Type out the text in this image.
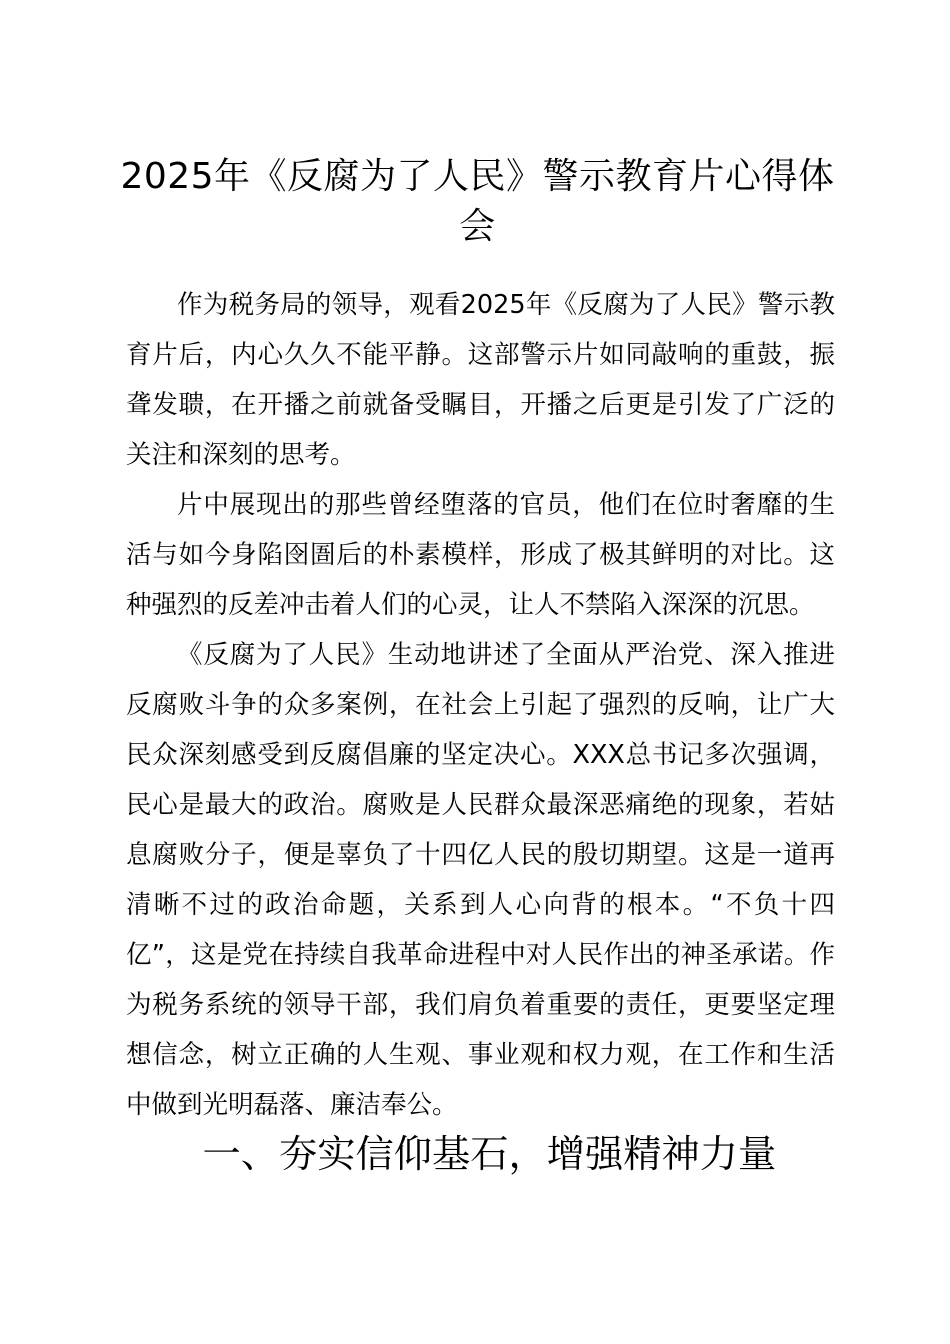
2025年《反腐为了人民》警示教育片心得体会

作为税务局的领导，观看2025年《反腐为了人民》警示教育片后，内心久久不能平静。这部警示片如同敲响的重鼓，振聋发聩，在开播之前就备受瞩目，开播之后更是引发了广泛的关注和深刻的思考。

片中展现出的那些曾经堕落的官员，他们在位时奢靡的生活与如今身陷囹圄后的朴素模样，形成了极其鲜明的对比。这种强烈的反差冲击着人们的心灵，让人不禁陷入深深的沉思。

《反腐为了人民》生动地讲述了全面从严治党、深入推进反腐败斗争的众多案例，在社会上引起了强烈的反响，让广大民众深刻感受到反腐倡廉的坚定决心。XXX总书记多次强调，民心是最大的政治。腐败是人民群众最深恶痛绝的现象，若姑息腐败分子，便是辜负了十四亿人民的殷切期望。这是一道再清晰不过的政治命题，关系到人心向背的根本。“不负十四亿”，这是党在持续自我革命进程中对人民作出的神圣承诺。作为税务系统的领导干部，我们肩负着重要的责任，更要坚定理想信念，树立正确的人生观、事业观和权力观，在工作和生活中做到光明磊落、廉洁奉公。

一、夯实信仰基石，增强精神力量
